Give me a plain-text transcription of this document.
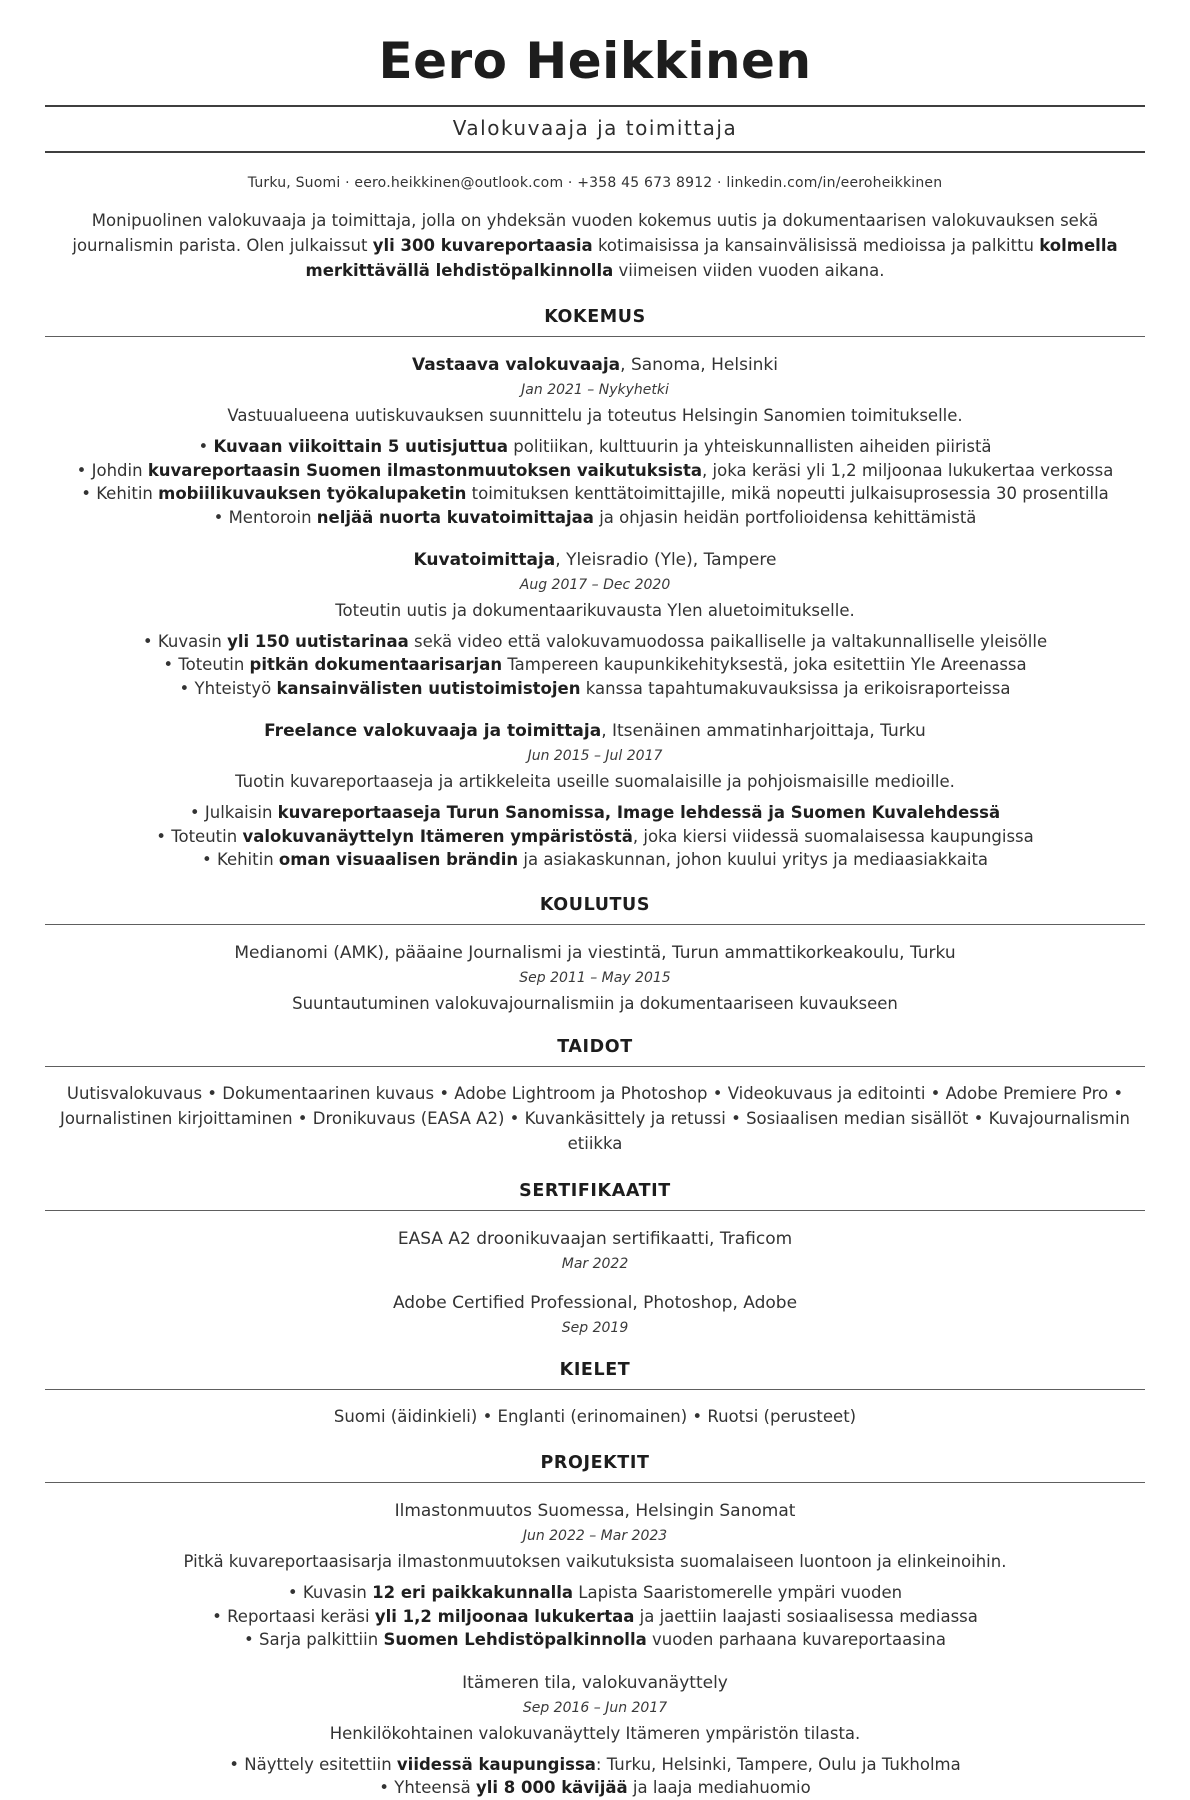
Eero Heikkinen
Valokuvaaja ja toimittaja
Turku, Suomi · eero.heikkinen@outlook.com · +358 45 673 8912 · linkedin.com/in/eeroheikkinen

Monipuolinen valokuvaaja ja toimittaja, jolla on yhdeksän vuoden kokemus uutis ja dokumentaarisen valokuvauksen sekä journalismin parista. Olen julkaissut yli 300 kuvareportaasia kotimaisissa ja kansainvälisissä medioissa ja palkittu kolmella merkittävällä lehdistöpalkinnolla viimeisen viiden vuoden aikana.

KOKEMUS
Vastaava valokuvaaja, Sanoma, Helsinki
Jan 2021 – Nykyhetki
Vastuualueena uutiskuvauksen suunnittelu ja toteutus Helsingin Sanomien toimitukselle.
• Kuvaan viikoittain 5 uutisjuttua politiikan, kulttuurin ja yhteiskunnallisten aiheiden piiristä
• Johdin kuvareportaasin Suomen ilmastonmuutoksen vaikutuksista, joka keräsi yli 1,2 miljoonaa lukukertaa verkossa
• Kehitin mobiilikuvauksen työkalupaketin toimituksen kenttätoimittajille, mikä nopeutti julkaisuprosessia 30 prosentilla
• Mentoroin neljää nuorta kuvatoimittajaa ja ohjasin heidän portfolioidensa kehittämistä
Kuvatoimittaja, Yleisradio (Yle), Tampere
Aug 2017 – Dec 2020
Toteutin uutis ja dokumentaarikuvausta Ylen aluetoimitukselle.
• Kuvasin yli 150 uutistarinaa sekä video että valokuvamuodossa paikalliselle ja valtakunnalliselle yleisölle
• Toteutin pitkän dokumentaarisarjan Tampereen kaupunkikehityksestä, joka esitettiin Yle Areenassa
• Yhteistyö kansainvälisten uutistoimistojen kanssa tapahtumakuvauksissa ja erikoisraporteissa
Freelance valokuvaaja ja toimittaja, Itsenäinen ammatinharjoittaja, Turku
Jun 2015 – Jul 2017
Tuotin kuvareportaaseja ja artikkeleita useille suomalaisille ja pohjoismaisille medioille.
• Julkaisin kuvareportaaseja Turun Sanomissa, Image lehdessä ja Suomen Kuvalehdessä
• Toteutin valokuvanäyttelyn Itämeren ympäristöstä, joka kiersi viidessä suomalaisessa kaupungissa
• Kehitin oman visuaalisen brändin ja asiakaskunnan, johon kuului yritys ja mediaasiakkaita
KOULUTUS
Medianomi (AMK), pääaine Journalismi ja viestintä, Turun ammattikorkeakoulu, Turku
Sep 2011 – May 2015
Suuntautuminen valokuvajournalismiin ja dokumentaariseen kuvaukseen
TAIDOT
Uutisvalokuvaus • Dokumentaarinen kuvaus • Adobe Lightroom ja Photoshop • Videokuvaus ja editointi • Adobe Premiere Pro • Journalistinen kirjoittaminen • Dronikuvaus (EASA A2) • Kuvankäsittely ja retussi • Sosiaalisen median sisällöt • Kuvajournalismin etiikka
SERTIFIKAATIT
EASA A2 droonikuvaajan sertifikaatti, Traficom
Mar 2022
Adobe Certified Professional, Photoshop, Adobe
Sep 2019
KIELET
Suomi (äidinkieli) • Englanti (erinomainen) • Ruotsi (perusteet)
PROJEKTIT
Ilmastonmuutos Suomessa, Helsingin Sanomat
Jun 2022 – Mar 2023
Pitkä kuvareportaasisarja ilmastonmuutoksen vaikutuksista suomalaiseen luontoon ja elinkeinoihin.
• Kuvasin 12 eri paikkakunnalla Lapista Saaristomerelle ympäri vuoden
• Reportaasi keräsi yli 1,2 miljoonaa lukukertaa ja jaettiin laajasti sosiaalisessa mediassa
• Sarja palkittiin Suomen Lehdistöpalkinnolla vuoden parhaana kuvareportaasina
Itämeren tila, valokuvanäyttely
Sep 2016 – Jun 2017
Henkilökohtainen valokuvanäyttely Itämeren ympäristön tilasta.
• Näyttely esitettiin viidessä kaupungissa: Turku, Helsinki, Tampere, Oulu ja Tukholma
• Yhteensä yli 8 000 kävijää ja laaja mediahuomio
